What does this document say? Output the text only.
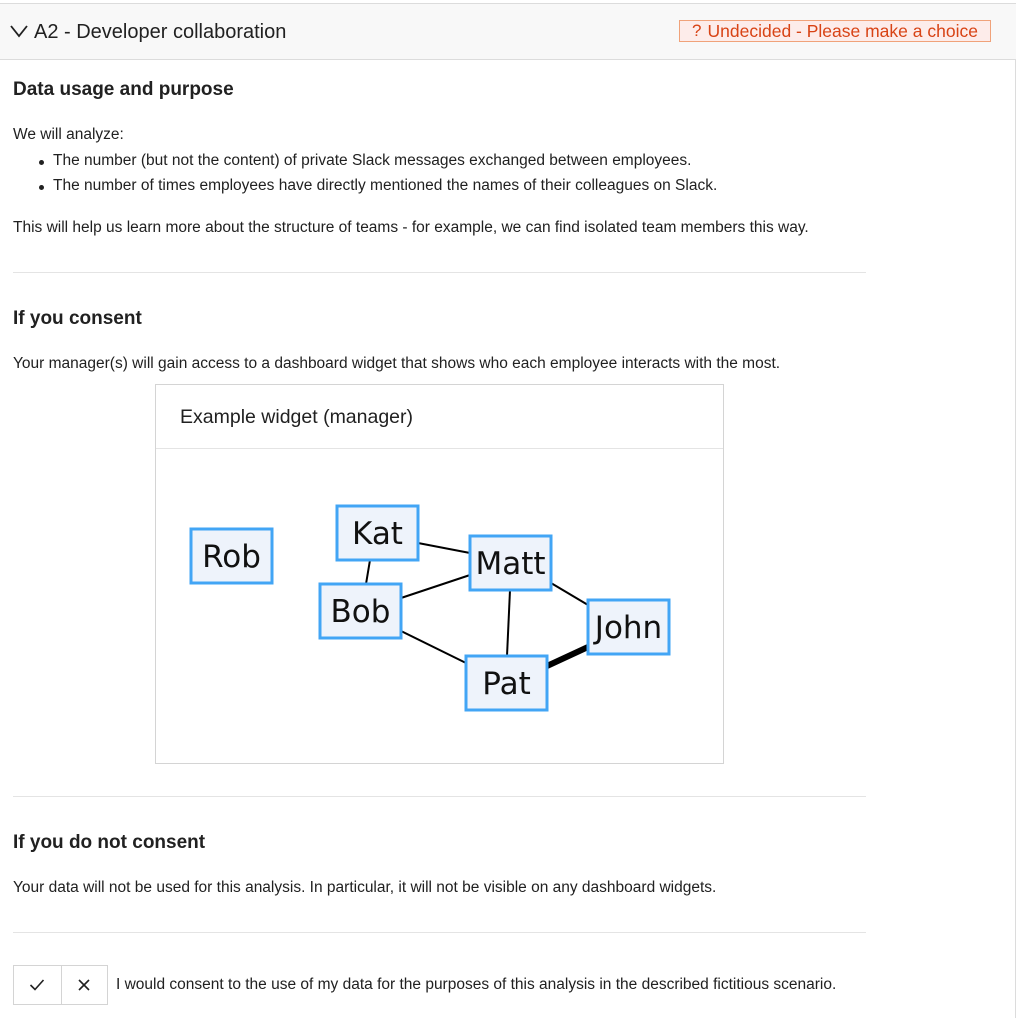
A2 - Developer collaboration	? Undecided - Please make a choice
Data usage and purpose

We will analyze:

The number (but not the content) of private Slack messages exchanged between employees.
The number of times employees have directly mentioned the names of their colleagues on Slack.

This will help us learn more about the structure of teams - for example, we can find isolated team members this way.

If you consent

Your manager(s) will gain access to a dashboard widget that shows who each employee interacts with the most.

Example widget (manager)
Rob
Kat
Matt
Bob	John
Pat
If you do not consent

Your data will not be used for this analysis. In particular, it will not be visible on any dashboard widgets.

I would consent to the use of my data for the purposes of this analysis in the described fictitious scenario.
